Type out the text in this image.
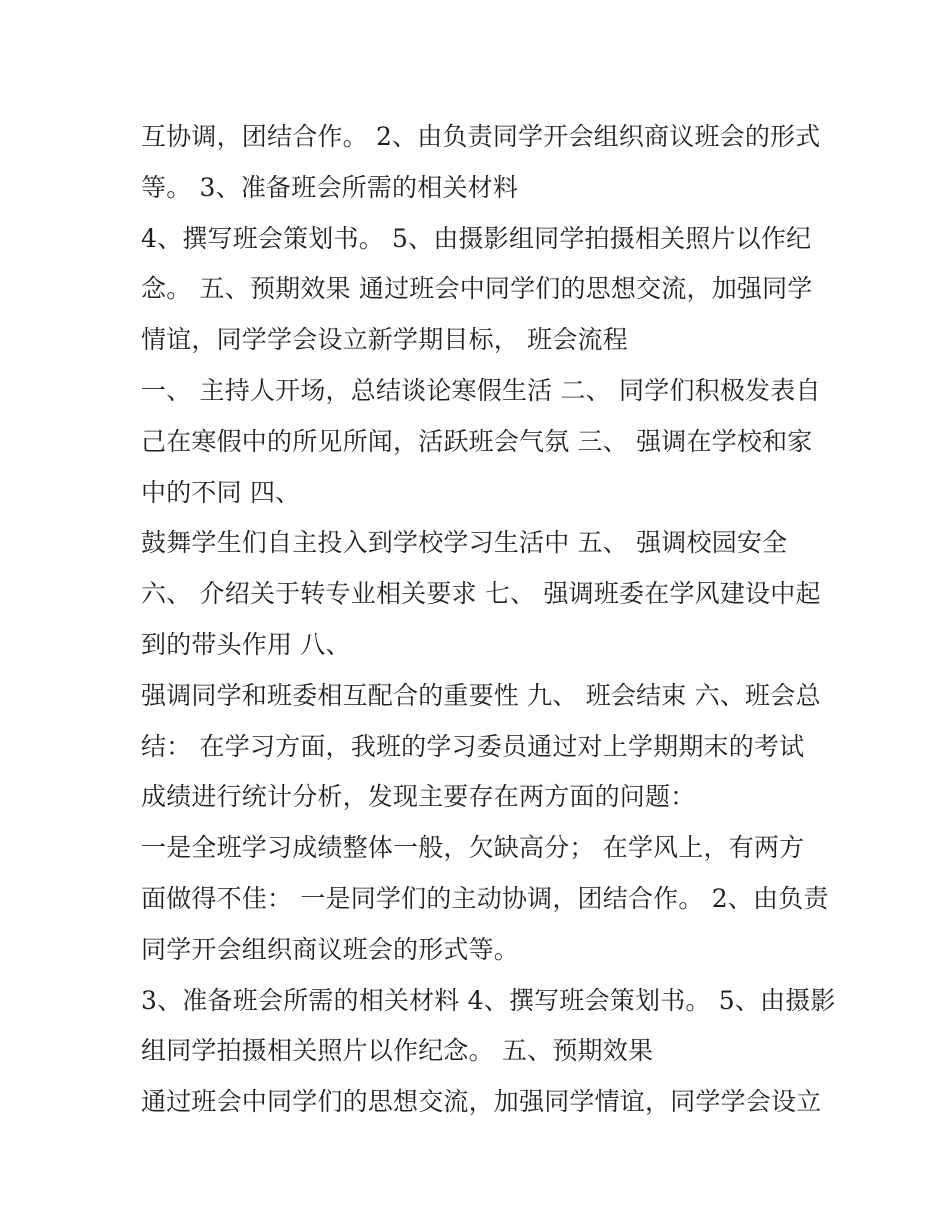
互协调，团结合作。 2、由负责同学开会组织商议班会的形式
等。 3、准备班会所需的相关材料
4、撰写班会策划书。 5、由摄影组同学拍摄相关照片以作纪
念。 五、预期效果 通过班会中同学们的思想交流，加强同学
情谊，同学学会设立新学期目标， 班会流程
一、 主持人开场，总结谈论寒假生活 二、 同学们积极发表自
己在寒假中的所见所闻，活跃班会气氛 三、 强调在学校和家
中的不同 四、
鼓舞学生们自主投入到学校学习生活中 五、 强调校园安全
六、 介绍关于转专业相关要求 七、 强调班委在学风建设中起
到的带头作用 八、
强调同学和班委相互配合的重要性 九、 班会结束 六、班会总
结： 在学习方面，我班的学习委员通过对上学期期末的考试
成绩进行统计分析，发现主要存在两方面的问题：
一是全班学习成绩整体一般，欠缺高分； 在学风上，有两方
面做得不佳： 一是同学们的主动协调，团结合作。 2、由负责
同学开会组织商议班会的形式等。
3、准备班会所需的相关材料 4、撰写班会策划书。 5、由摄影
组同学拍摄相关照片以作纪念。 五、预期效果
通过班会中同学们的思想交流，加强同学情谊，同学学会设立
